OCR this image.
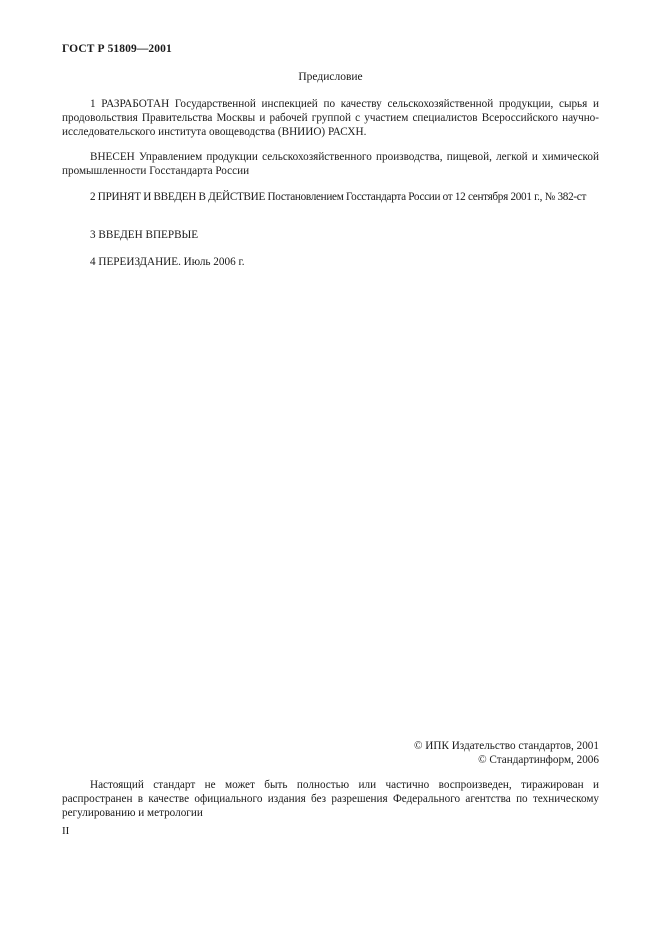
ГОСТ Р 51809—2001
Предисловие

1 РАЗРАБОТАН Государственной инспекцией по качеству сельскохозяйственной продукции, сырья и продовольствия Правительства Москвы и рабочей группой с участием специалистов Всероссийского научно-исследовательского института овощеводства (ВНИИО) РАСХН.

ВНЕСЕН Управлением продукции сельскохозяйственного производства, пищевой, легкой и химической промышленности Госстандарта России

2 ПРИНЯТ И ВВЕДЕН В ДЕЙСТВИЕ Постановлением Госстандарта России от 12 сентября 2001 г., № 382-ст

3 ВВЕДЕН ВПЕРВЫЕ

4 ПЕРЕИЗДАНИЕ. Июль 2006 г.

© ИПК Издательство стандартов, 2001
© Стандартинформ, 2006

Настоящий стандарт не может быть полностью или частично воспроизведен, тиражирован и распространен в качестве официального издания без разрешения Федерального агентства по техническому регулированию и метрологии

II
